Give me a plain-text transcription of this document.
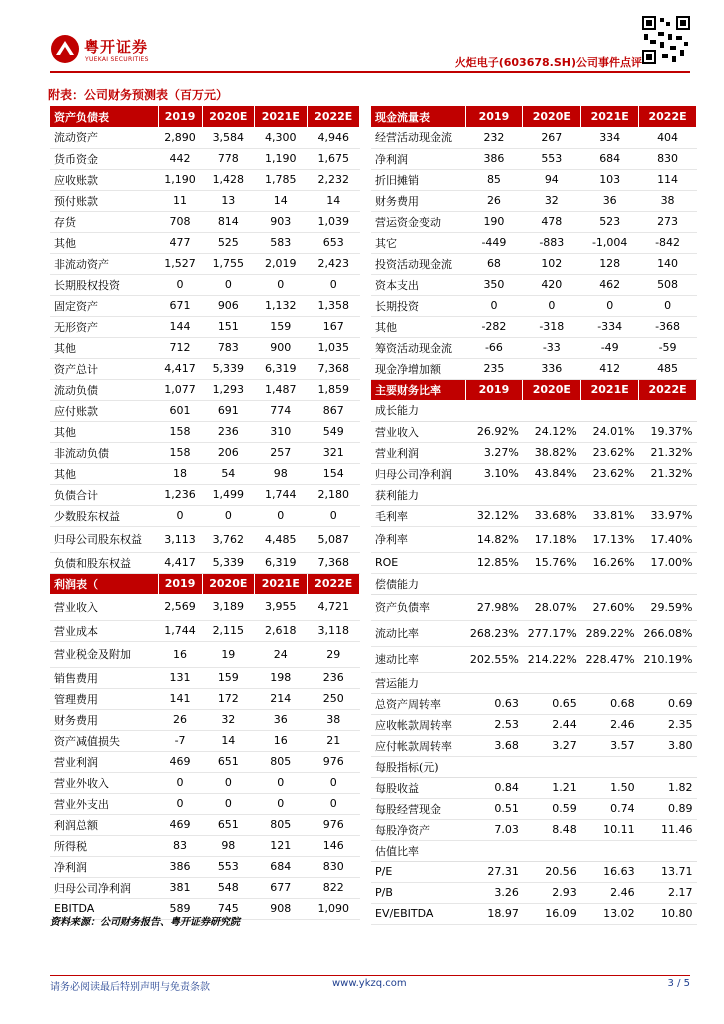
粤开证券
YUEKAI SECURITIES	火炬电子(603678.SH)公司事件点评
附表：公司财务预测表（百万元）
资产负债表	2019	2020E	2021E	2022E
流动资产	2,890	3,584	4,300	4,946
货币资金	442	778	1,190	1,675
应收账款	1,190	1,428	1,785	2,232
预付账款	11	13	14	14
存货	708	814	903	1,039
其他	477	525	583	653
非流动资产	1,527	1,755	2,019	2,423
长期股权投资	0	0	0	0
固定资产	671	906	1,132	1,358
无形资产	144	151	159	167
其他	712	783	900	1,035
资产总计	4,417	5,339	6,319	7,368
流动负债	1,077	1,293	1,487	1,859
应付账款	601	691	774	867
其他	158	236	310	549
非流动负债	158	206	257	321
其他	18	54	98	154
负债合计	1,236	1,499	1,744	2,180
少数股东权益	0	0	0	0
归母公司股东权益	3,113	3,762	4,485	5,087
负债和股东权益	4,417	5,339	6,319	7,368
利润表（	2019	2020E	2021E	2022E
营业收入	2,569	3,189	3,955	4,721
营业成本	1,744	2,115	2,618	3,118
营业税金及附加	16	19	24	29
销售费用	131	159	198	236
管理费用	141	172	214	250
财务费用	26	32	36	38
资产减值损失	-7	14	16	21
营业利润	469	651	805	976
营业外收入	0	0	0	0
营业外支出	0	0	0	0
利润总额	469	651	805	976
所得税	83	98	121	146
净利润	386	553	684	830
归母公司净利润	381	548	677	822
EBITDA	589	745	908	1,090
现金流量表	2019	2020E	2021E	2022E
经营活动现金流	232	267	334	404
净利润	386	553	684	830
折旧摊销	85	94	103	114
财务费用	26	32	36	38
营运资金变动	190	478	523	273
其它	-449	-883	-1,004	-842
投资活动现金流	68	102	128	140
资本支出	350	420	462	508
长期投资	0	0	0	0
其他	-282	-318	-334	-368
筹资活动现金流	-66	-33	-49	-59
现金净增加额	235	336	412	485
主要财务比率	2019	2020E	2021E	2022E
成长能力				
营业收入	26.92%	24.12%	24.01%	19.37%
营业利润	3.27%	38.82%	23.62%	21.32%
归母公司净利润	3.10%	43.84%	23.62%	21.32%
获利能力				
毛利率	32.12%	33.68%	33.81%	33.97%
净利率	14.82%	17.18%	17.13%	17.40%
ROE	12.85%	15.76%	16.26%	17.00%
偿债能力				
资产负债率	27.98%	28.07%	27.60%	29.59%
流动比率	268.23%	277.17%	289.22%	266.08%
速动比率	202.55%	214.22%	228.47%	210.19%
营运能力				
总资产周转率	0.63	0.65	0.68	0.69
应收帐款周转率	2.53	2.44	2.46	2.35
应付帐款周转率	3.68	3.27	3.57	3.80
每股指标(元)				
每股收益	0.84	1.21	1.50	1.82
每股经营现金	0.51	0.59	0.74	0.89
每股净资产	7.03	8.48	10.11	11.46
估值比率				
P/E	27.31	20.56	16.63	13.71
P/B	3.26	2.93	2.46	2.17
EV/EBITDA	18.97	16.09	13.02	10.80
资料来源：公司财务报告、粤开证券研究院
请务必阅读最后特别声明与免责条款	www.ykzq.com	3 / 5
